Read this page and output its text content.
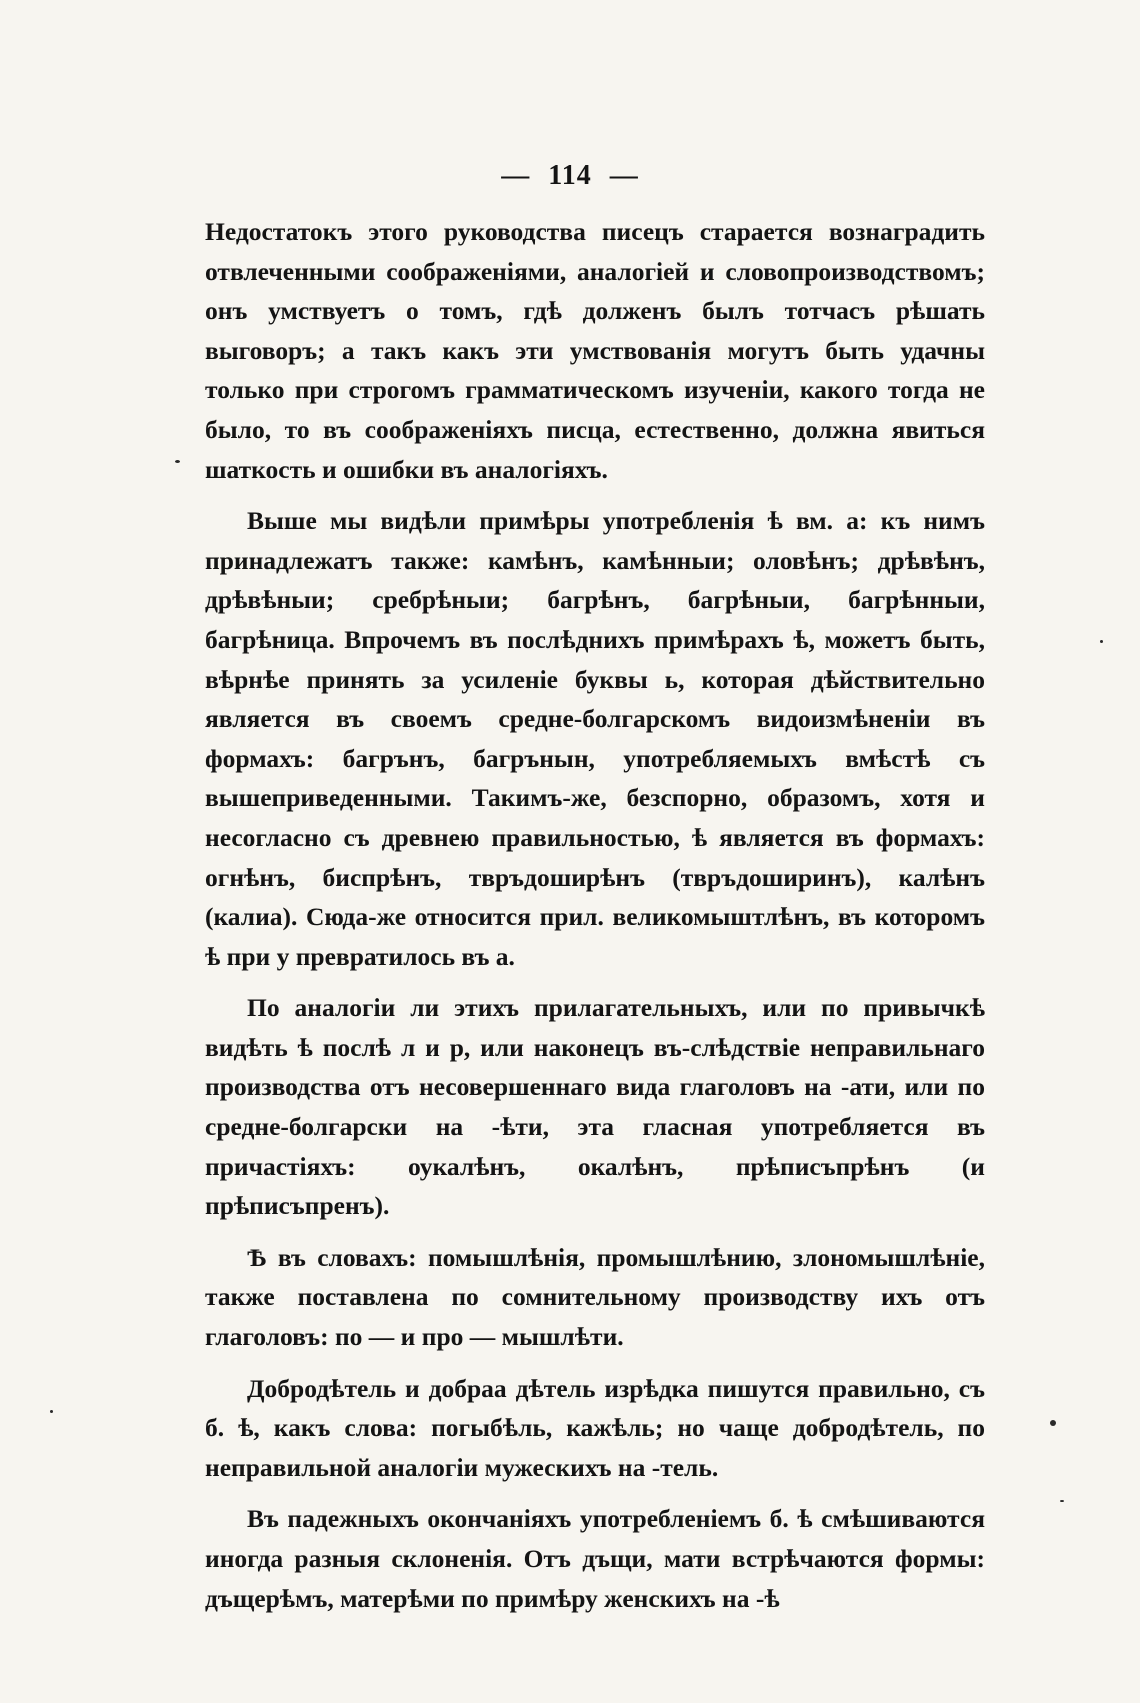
— 114 —

Недостатокъ этого руководства писецъ старается вознаградить отвлеченными соображеніями, аналогіей и словопроизводствомъ; онъ умствуетъ о томъ, гдѣ долженъ былъ тотчасъ рѣшать выговоръ; а такъ какъ эти умствованія могутъ быть удачны только при строгомъ грамматическомъ изученіи, какого тогда не было, то въ соображеніяхъ писца, естественно, должна явиться шаткость и ошибки въ аналогіяхъ.

Выше мы видѣли примѣры употребленія ѣ вм. а: къ нимъ принадлежатъ также: камѣнъ, камѣнныи; оловѣнъ; дрѣвѣнъ, дрѣвѣныи; сребрѣныи; багрѣнъ, багрѣныи, багрѣнныи, багрѣница. Впрочемъ въ послѣднихъ примѣрахъ ѣ, можетъ быть, вѣрнѣе принять за усиленіе буквы ь, которая дѣйствительно является въ своемъ средне-болгарскомъ видоизмѣненіи въ формахъ: багрънъ, багрънын, употребляемыхъ вмѣстѣ съ вышеприведенными. Такимъ-же, безспорно, образомъ, хотя и несогласно съ древнею правильностью, ѣ является въ формахъ: огнѣнъ, биспрѣнъ, твръдоширѣнъ (твръдоширинъ), калѣнъ (калиа). Сюда-же относится прил. великомыштлѣнъ, въ которомъ ѣ при у превратилось въ а.

По аналогіи ли этихъ прилагательныхъ, или по привычкѣ видѣть ѣ послѣ л и р, или наконецъ въ-слѣдствіе неправильнаго производства отъ несовершеннаго вида глаголовъ на -ати, или по средне-болгарски на -ѣти, эта гласная употребляется въ причастіяхъ: оукалѣнъ, окалѣнъ, прѣписъпрѣнъ (и прѣписъпренъ).

Ѣ въ словахъ: помышлѣнія, промышлѣнию, злономышлѣніе, также поставлена по сомнительному производству ихъ отъ глаголовъ: по — и про — мышлѣти.

Добродѣтель и добраа дѣтель изрѣдка пишутся правильно, съ б. ѣ, какъ слова: погыбѣль, кажѣль; но чаще добродѣтель, по неправильной аналогіи мужескихъ на -тель.

Въ падежныхъ окончаніяхъ употребленіемъ б. ѣ смѣшиваются иногда разныя склоненія. Отъ дъщи, мати встрѣчаются формы: дъщерѣмъ, матерѣми по примѣру женскихъ на -ѣ
